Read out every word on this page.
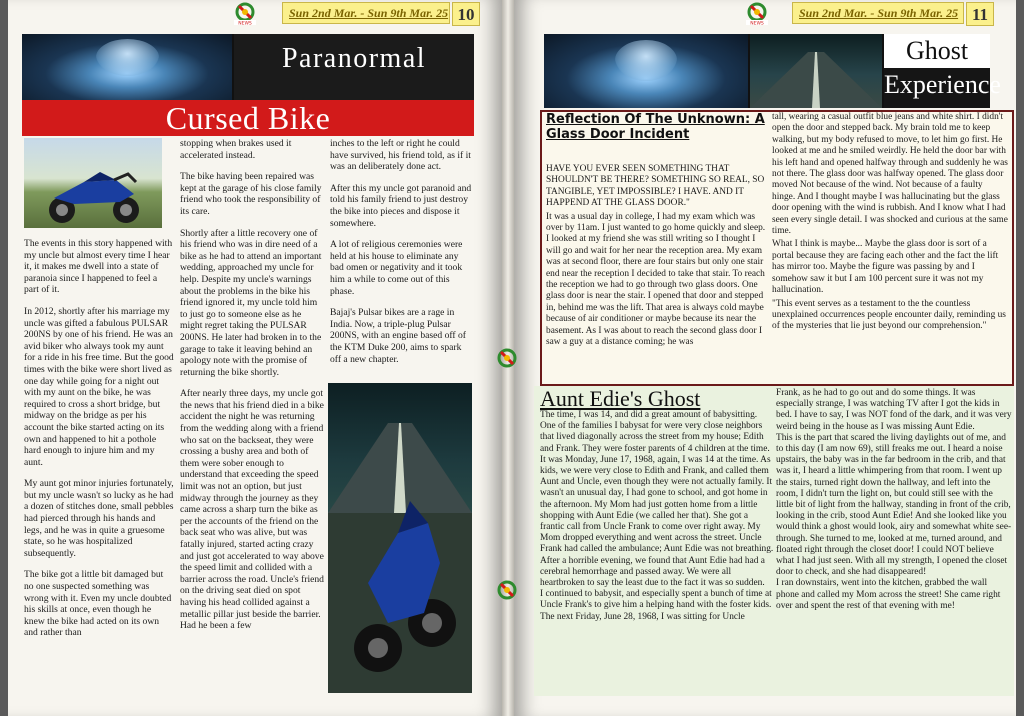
NEWS
Sun 2nd Mar. - Sun 9th Mar. 25 10
Paranormal
Cursed Bike

The events in this story happened with my uncle but almost every time I hear it, it makes me dwell into a state of paranoia since I happened to feel a part of it.

In 2012, shortly after his marriage my uncle was gifted a fabulous PULSAR 200NS by one of his friend. He was an avid biker who always took my aunt for a ride in his free time. But the good times with the bike were short lived as one day while going for a night out with my aunt on the bike, he was required to cross a short bridge, but midway on the bridge as per his account the bike started acting on its own and happened to hit a pothole hard enough to injure him and my aunt.

My aunt got minor injuries fortunately, but my uncle wasn't so lucky as he had a dozen of stitches done, small pebbles had pierced through his hands and legs, and he was in quite a gruesome state, so he was hospitalized subsequently.

The bike got a little bit damaged but no one suspected something was wrong with it. Even my uncle doubted his skills at once, even though he knew the bike had acted on its own and rather than

stopping when brakes used it accelerated instead.

The bike having been repaired was kept at the garage of his close family friend who took the responsibility of its care.

Shortly after a little recovery one of his friend who was in dire need of a bike as he had to attend an important wedding, approached my uncle for help. Despite my uncle's warnings about the problems in the bike his friend ignored it, my uncle told him to just go to someone else as he might regret taking the PULSAR 200NS. He later had broken in to the garage to take it leaving behind an apology note with the promise of returning the bike shortly.

After nearly three days, my uncle got the news that his friend died in a bike accident the night he was returning from the wedding along with a friend who sat on the backseat, they were crossing a bushy area and both of them were sober enough to understand that exceeding the speed limit was not an option, but just midway through the journey as they came across a sharp turn the bike as per the accounts of the friend on the back seat who was alive, but was fatally injured, started acting crazy and just got accelerated to way above the speed limit and collided with a barrier across the road. Uncle's friend on the driving seat died on spot having his head collided against a metallic pillar just beside the barrier. Had he been a few

inches to the left or right he could have survived, his friend told, as if it was an deliberately done act.

After this my uncle got paranoid and told his family friend to just destroy the bike into pieces and dispose it somewhere.

A lot of religious ceremonies were held at his house to eliminate any bad omen or negativity and it took him a while to come out of this phase.

Bajaj's Pulsar bikes are a rage in India. Now, a triple-plug Pulsar 200NS, with an engine based off of the KTM Duke 200, aims to spark off a new chapter.

NEWS
Sun 2nd Mar. - Sun 9th Mar. 25 11
Ghost
Experience
Reflection Of The Unknown: A Glass Door Incident

HAVE YOU EVER SEEN SOMETHING THAT SHOULDN'T BE THERE? SOMETHING SO REAL, SO TANGIBLE, YET IMPOSSIBLE? I HAVE. AND IT HAPPEND AT THE GLASS DOOR."

It was a usual day in college, I had my exam which was over by 11am. I just wanted to go home quickly and sleep. I looked at my friend she was still writing so I thought I will go and wait for her near the reception area. My exam was at second floor, there are four stairs but only one stair end near the reception I decided to take that stair. To reach the reception we had to go through two glass doors. One glass door is near the stair. I opened that door and stepped in, behind me was the lift. That area is always cold maybe because of air conditioner or maybe because its near the basement. As I was about to reach the second glass door I saw a guy at a distance coming; he was

tall, wearing a casual outfit blue jeans and white shirt. I didn't open the door and stepped back. My brain told me to keep walking, but my body refused to move, to let him go first. He looked at me and he smiled weirdly. He held the door bar with his left hand and opened halfway through and suddenly he was not there. The glass door was halfway opened. The glass door moved Not because of the wind. Not because of a faulty hinge. And I thought maybe I was hallucinating but the glass door opening with the wind is rubbish. And I know what I had seen every single detail. I was shocked and curious at the same time.

What I think is maybe... Maybe the glass door is sort of a portal because they are facing each other and the fact the lift has mirror too. Maybe the figure was passing by and I somehow saw it but I am 100 percent sure it was not my hallucination.

"This event serves as a testament to the the countless unexplained occurrences people encounter daily, reminding us of the mysteries that lie just beyond our comprehension."

Aunt Edie's Ghost

The time, I was 14, and did a great amount of babysitting. One of the families I babysat for were very close neighbors that lived diagonally across the street from my house; Edith and Frank. They were foster parents of 4 children at the time.

It was Monday, June 17, 1968, again, I was 14 at the time. As kids, we were very close to Edith and Frank, and called them Aunt and Uncle, even though they were not actually family. It wasn't an unusual day, I had gone to school, and got home in the afternoon. My Mom had just gotten home from a little shopping with Aunt Edie (we called her that). She got a frantic call from Uncle Frank to come over right away. My Mom dropped everything and went across the street. Uncle Frank had called the ambulance; Aunt Edie was not breathing. After a horrible evening, we found that Aunt Edie had had a cerebral hemorrhage and passed away. We were all heartbroken to say the least due to the fact it was so sudden.

I continued to babysit, and especially spent a bunch of time at Uncle Frank's to give him a helping hand with the foster kids.

The next Friday, June 28, 1968, I was sitting for Uncle

Frank, as he had to go out and do some things. It was especially strange, I was watching TV after I got the kids in bed. I have to say, I was NOT fond of the dark, and it was very weird being in the house as I was missing Aunt Edie.

This is the part that scared the living daylights out of me, and to this day (I am now 69), still freaks me out. I heard a noise upstairs, the baby was in the far bedroom in the crib, and that was it, I heard a little whimpering from that room. I went up the stairs, turned right down the hallway, and left into the room, I didn't turn the light on, but could still see with the little bit of light from the hallway, standing in front of the crib, looking in the crib, stood Aunt Edie! And she looked like you would think a ghost would look, airy and somewhat white see-through. She turned to me, looked at me, turned around, and floated right through the closet door! I could NOT believe what I had just seen. With all my strength, I opened the closet door to check, and she had disappeared!

I ran downstairs, went into the kitchen, grabbed the wall phone and called my Mom across the street! She came right over and spent the rest of that evening with me!
